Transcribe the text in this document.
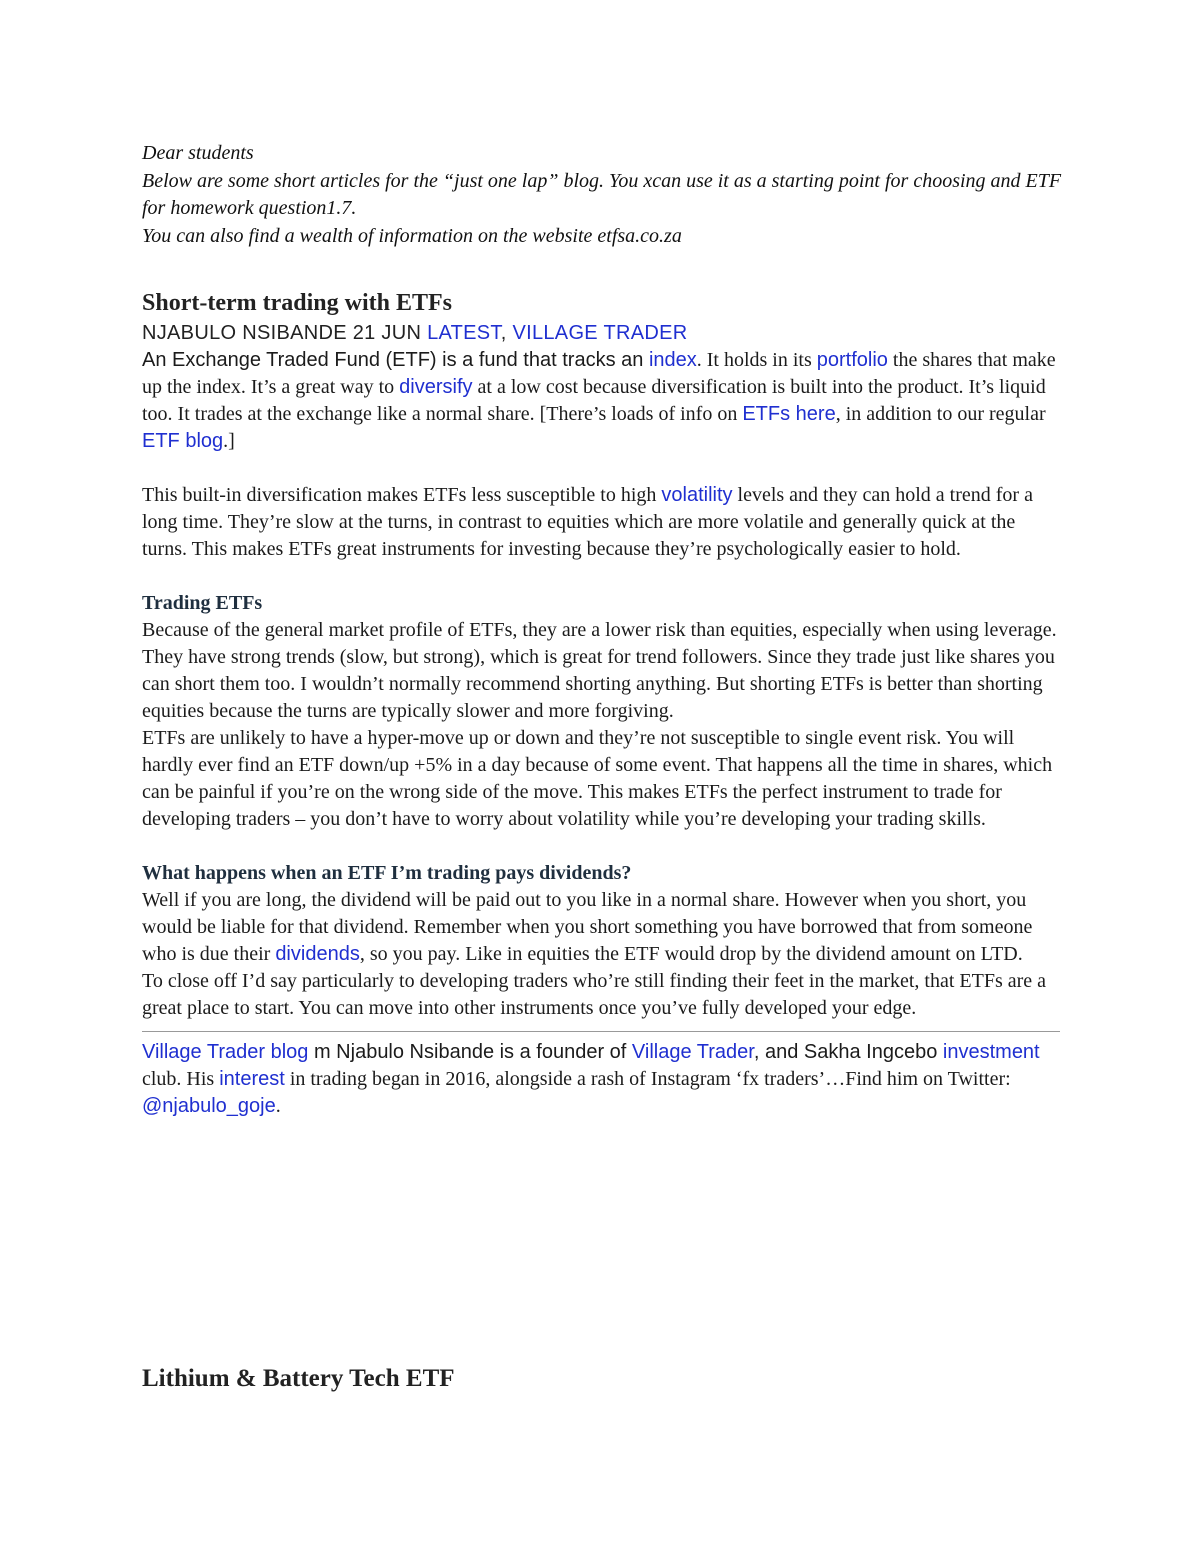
Dear students

Below are some short articles for the “just one lap” blog. You xcan use it as a starting point for choosing and ETF for homework question1.7.

You can also find a wealth of information on the website etfsa.co.za

Short-term trading with ETFs
NJABULO NSIBANDE 21 JUN LATEST, VILLAGE TRADER

An Exchange Traded Fund (ETF) is a fund that tracks an index. It holds in its portfolio the shares that make up the index. It’s a great way to diversify at a low cost because diversification is built into the product. It’s liquid too. It trades at the exchange like a normal share. [There’s loads of info on ETFs here, in addition to our regular ETF blog.]

This built-in diversification makes ETFs less susceptible to high volatility levels and they can hold a trend for a long time. They’re slow at the turns, in contrast to equities which are more volatile and generally quick at the turns. This makes ETFs great instruments for investing because they’re psychologically easier to hold.

Trading ETFs

Because of the general market profile of ETFs, they are a lower risk than equities, especially when using leverage. They have strong trends (slow, but strong), which is great for trend followers. Since they trade just like shares you can short them too. I wouldn’t normally recommend shorting anything. But shorting ETFs is better than shorting equities because the turns are typically slower and more forgiving.

ETFs are unlikely to have a hyper-move up or down and they’re not susceptible to single event risk. You will hardly ever find an ETF down/up +5% in a day because of some event. That happens all the time in shares, which can be painful if you’re on the wrong side of the move. This makes ETFs the perfect instrument to trade for developing traders – you don’t have to worry about volatility while you’re developing your trading skills.

What happens when an ETF I’m trading pays dividends?

Well if you are long, the dividend will be paid out to you like in a normal share. However when you short, you would be liable for that dividend. Remember when you short something you have borrowed that from someone who is due their dividends, so you pay. Like in equities the ETF would drop by the dividend amount on LTD.

To close off I’d say particularly to developing traders who’re still finding their feet in the market, that ETFs are a great place to start. You can move into other instruments once you’ve fully developed your edge.

Village Trader blog m Njabulo Nsibande is a founder of Village Trader, and Sakha Ingcebo investment club. His interest in trading began in 2016, alongside a rash of Instagram ‘fx traders’…Find him on Twitter: @njabulo_goje.

Lithium & Battery Tech ETF
